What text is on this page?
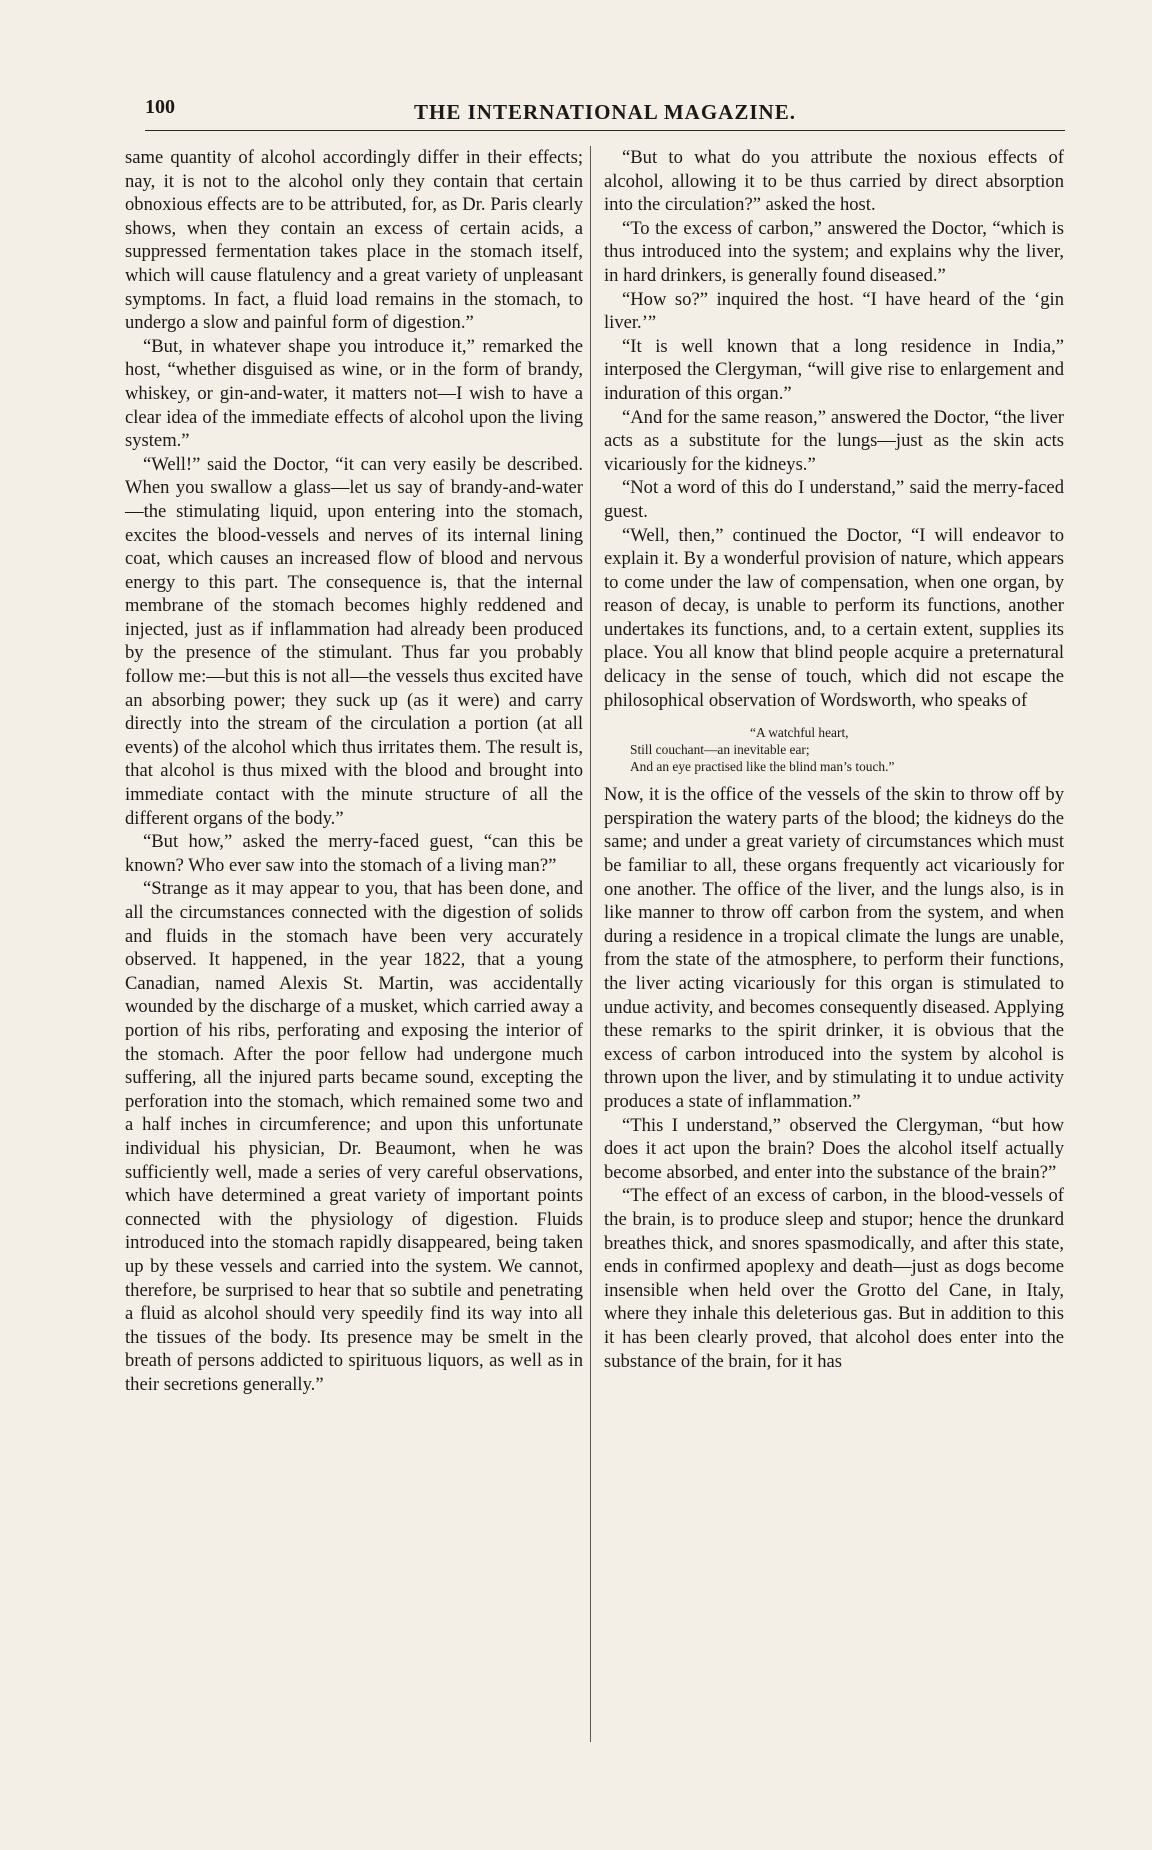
100	THE INTERNATIONAL MAGAZINE.

same quantity of alcohol accordingly differ in their effects; nay, it is not to the alcohol only they contain that certain obnoxious effects are to be attributed, for, as Dr. Paris clearly shows, when they contain an excess of certain acids, a suppressed fermentation takes place in the stomach itself, which will cause flatulency and a great variety of unpleasant symptoms. In fact, a fluid load remains in the stomach, to undergo a slow and painful form of digestion.”

“But, in whatever shape you introduce it,” remarked the host, “whether disguised as wine, or in the form of brandy, whiskey, or gin-and-water, it matters not—I wish to have a clear idea of the immediate effects of alcohol upon the living system.”

“Well!” said the Doctor, “it can very easily be described. When you swallow a glass—let us say of brandy-and-water—the stimulating liquid, upon entering into the stomach, excites the blood-vessels and nerves of its internal lining coat, which causes an increased flow of blood and nervous energy to this part. The consequence is, that the internal membrane of the stomach becomes highly reddened and injected, just as if inflammation had already been produced by the presence of the stimulant. Thus far you probably follow me:—but this is not all—the vessels thus excited have an absorbing power; they suck up (as it were) and carry directly into the stream of the circulation a portion (at all events) of the alcohol which thus irritates them. The result is, that alcohol is thus mixed with the blood and brought into immediate contact with the minute structure of all the different organs of the body.”

“But how,” asked the merry-faced guest, “can this be known? Who ever saw into the stomach of a living man?”

“Strange as it may appear to you, that has been done, and all the circumstances connected with the digestion of solids and fluids in the stomach have been very accurately observed. It happened, in the year 1822, that a young Canadian, named Alexis St. Martin, was accidentally wounded by the discharge of a musket, which carried away a portion of his ribs, perforating and exposing the interior of the stomach. After the poor fellow had undergone much suffering, all the injured parts became sound, excepting the perforation into the stomach, which remained some two and a half inches in circumference; and upon this unfortunate individual his physician, Dr. Beaumont, when he was sufficiently well, made a series of very careful observations, which have determined a great variety of important points connected with the physiology of digestion. Fluids introduced into the stomach rapidly disappeared, being taken up by these vessels and carried into the system. We cannot, therefore, be surprised to hear that so subtile and penetrating a fluid as alcohol should very speedily find its way into all the tissues of the body. Its presence may be smelt in the breath of persons addicted to spirituous liquors, as well as in their secretions generally.”

“But to what do you attribute the noxious effects of alcohol, allowing it to be thus carried by direct absorption into the circulation?” asked the host.

“To the excess of carbon,” answered the Doctor, “which is thus introduced into the system; and explains why the liver, in hard drinkers, is generally found diseased.”

“How so?” inquired the host. “I have heard of the ‘gin liver.’”

“It is well known that a long residence in India,” interposed the Clergyman, “will give rise to enlargement and induration of this organ.”

“And for the same reason,” answered the Doctor, “the liver acts as a substitute for the lungs—just as the skin acts vicariously for the kidneys.”

“Not a word of this do I understand,” said the merry-faced guest.

“Well, then,” continued the Doctor, “I will endeavor to explain it. By a wonderful provision of nature, which appears to come under the law of compensation, when one organ, by reason of decay, is unable to perform its functions, another undertakes its functions, and, to a certain extent, supplies its place. You all know that blind people acquire a preternatural delicacy in the sense of touch, which did not escape the philosophical observation of Wordsworth, who speaks of

“A watchful heart,
Still couchant—an inevitable ear;
And an eye practised like the blind man’s touch.”

Now, it is the office of the vessels of the skin to throw off by perspiration the watery parts of the blood; the kidneys do the same; and under a great variety of circumstances which must be familiar to all, these organs frequently act vicariously for one another. The office of the liver, and the lungs also, is in like manner to throw off carbon from the system, and when during a residence in a tropical climate the lungs are unable, from the state of the atmosphere, to perform their functions, the liver acting vicariously for this organ is stimulated to undue activity, and becomes consequently diseased. Applying these remarks to the spirit drinker, it is obvious that the excess of carbon introduced into the system by alcohol is thrown upon the liver, and by stimulating it to undue activity produces a state of inflammation.”

“This I understand,” observed the Clergyman, “but how does it act upon the brain? Does the alcohol itself actually become absorbed, and enter into the substance of the brain?”

“The effect of an excess of carbon, in the blood-vessels of the brain, is to produce sleep and stupor; hence the drunkard breathes thick, and snores spasmodically, and after this state, ends in confirmed apoplexy and death—just as dogs become insensible when held over the Grotto del Cane, in Italy, where they inhale this deleterious gas. But in addition to this it has been clearly proved, that alcohol does enter into the substance of the brain, for it has
